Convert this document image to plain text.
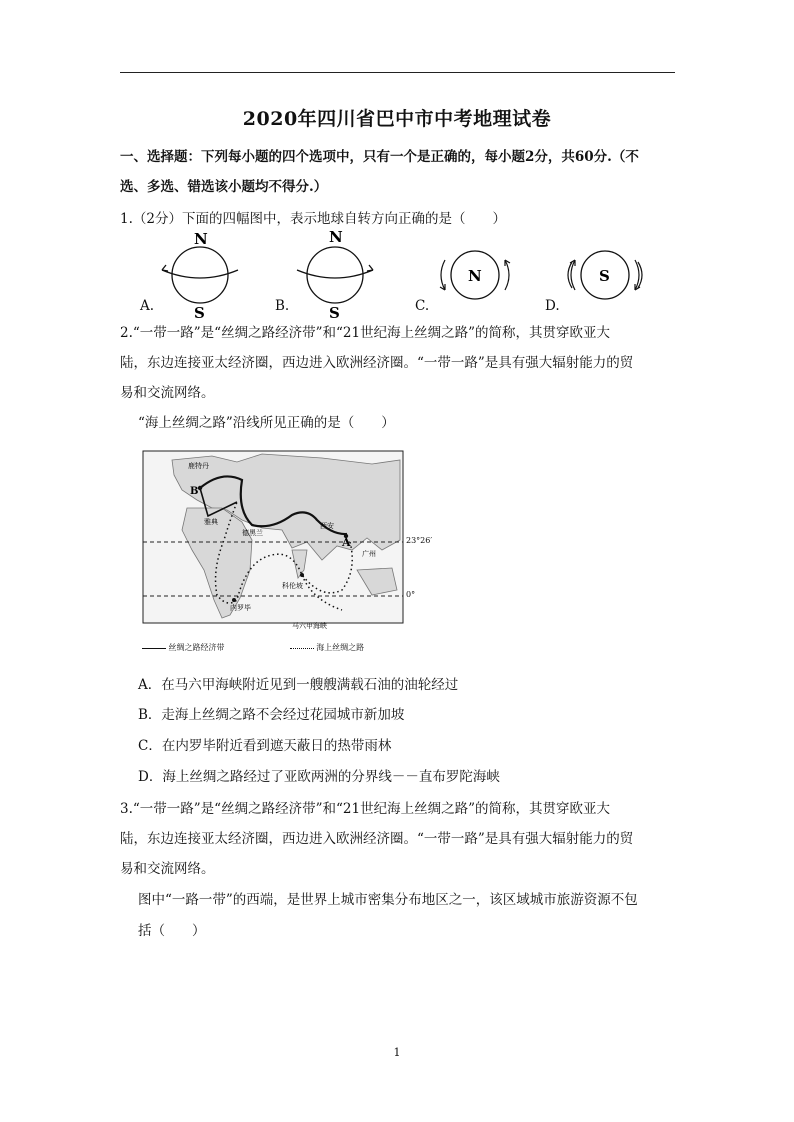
2020年四川省巴中市中考地理试卷
一、选择题：下列每小题的四个选项中，只有一个是正确的，每小题2分，共60分.（不
选、多选、错选该小题均不得分.）
1.（2分）下面的四幅图中，表示地球自转方向正确的是（　　）
N
S
A.
N
S
B.
N
C.
S
D.
2.“一带一路”是“丝绸之路经济带”和“21世纪海上丝绸之路”的简称，其贯穿欧亚大
陆，东边连接亚太经济圈，西边进入欧洲经济圈。“一带一路”是具有强大辐射能力的贸
易和交流网络。
“海上丝绸之路”沿线所见正确的是（　　）
鹿特丹
B
雅典
德黑兰
西安
A
广州
科伦坡
内罗毕
马六甲海峡
23°26′
0°
丝绸之路经济带	海上丝绸之路
A．在马六甲海峡附近见到一艘艘满载石油的油轮经过
B．走海上丝绸之路不会经过花园城市新加坡
C．在内罗毕附近看到遮天蔽日的热带雨林
D．海上丝绸之路经过了亚欧两洲的分界线－－直布罗陀海峡
3.“一带一路”是“丝绸之路经济带”和“21世纪海上丝绸之路”的简称，其贯穿欧亚大
陆，东边连接亚太经济圈，西边进入欧洲经济圈。“一带一路”是具有强大辐射能力的贸
易和交流网络。
图中“一路一带”的西端，是世界上城市密集分布地区之一，该区域城市旅游资源不包
括（　　）
1
